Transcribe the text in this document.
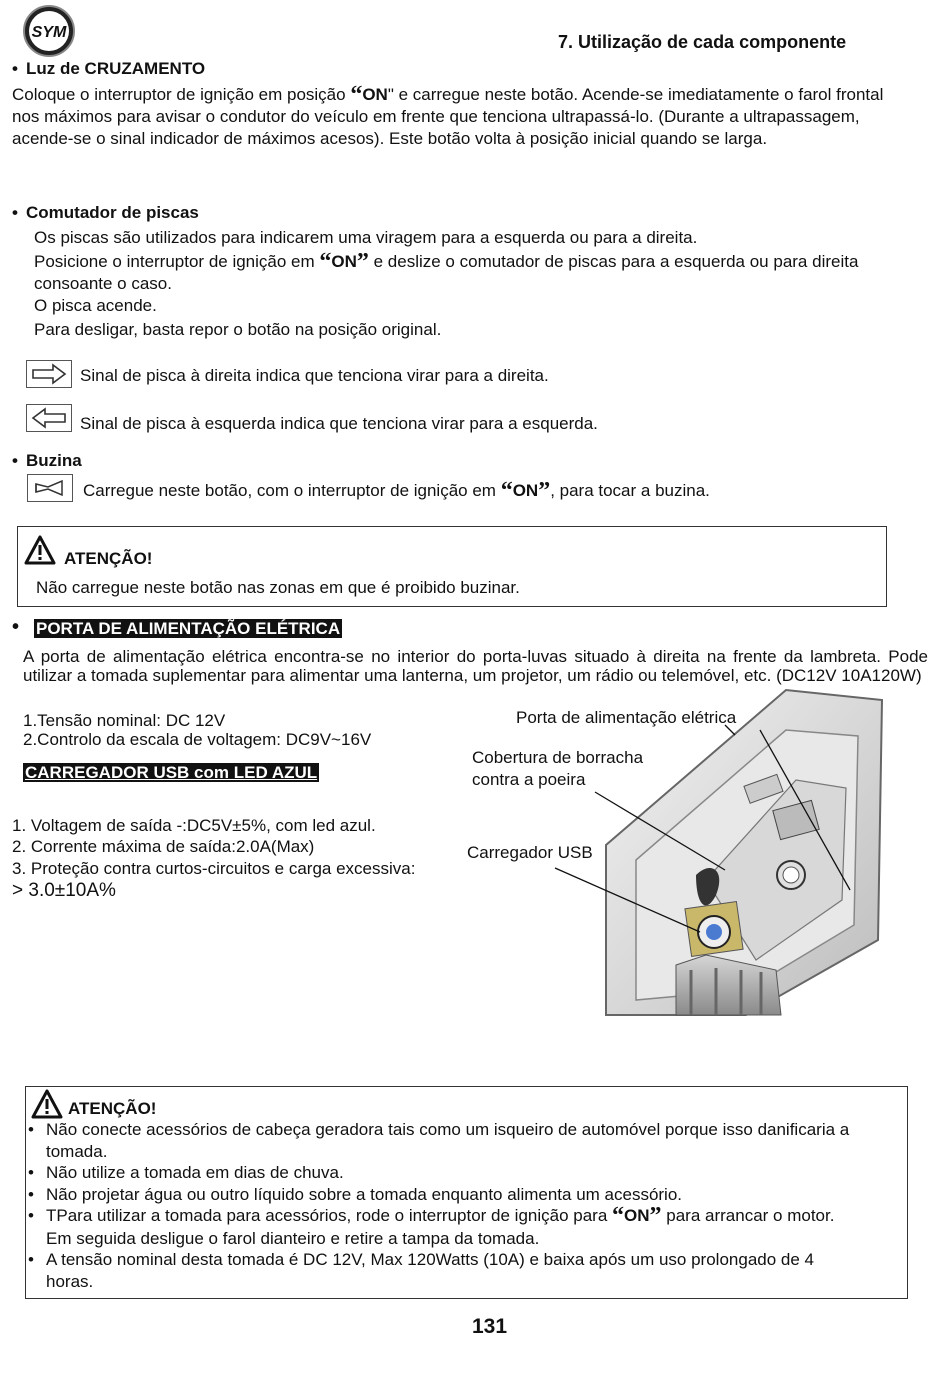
SYM	7. Utilização de cada componente
• Luz de CRUZAMENTO

Coloque o interruptor de ignição em posição “ON" e carregue neste botão. Acende-se imediatamente o farol frontal nos máximos para avisar o condutor do veículo em frente que tenciona ultrapassá-lo. (Durante a ultrapassagem, acende-se o sinal indicador de máximos acesos). Este botão volta à posição inicial quando se larga.

• Comutador de piscas

Os piscas são utilizados para indicarem uma viragem para a esquerda ou para a direita.

Posicione o interruptor de ignição em “ON” e deslize o comutador de piscas para a esquerda ou para direita consoante o caso.

O pisca acende.

Para desligar, basta repor o botão na posição original.

Sinal de pisca à direita indica que tenciona virar para a direita.
Sinal de pisca à esquerda indica que tenciona virar para a esquerda.
• Buzina

Carregue neste botão, com o interruptor de ignição em “ON”, para tocar a buzina.

ATENÇÃO!
Não carregue neste botão nas zonas em que é proibido buzinar.
• PORTA DE ALIMENTAÇÃO ELÉTRICA
A porta de alimentação elétrica encontra-se no interior do porta-luvas situado à direita na frente da lambreta. Pode utilizar a tomada suplementar para alimentar uma lanterna, um projetor, um rádio ou telemóvel, etc. (DC12V 10A120W)
1.Tensão nominal: DC 12V
2.Controlo da escala de voltagem: DC9V~16V
CARREGADOR USB com LED AZUL
1. Voltagem de saída -:DC5V±5%, com led azul.
2. Corrente máxima de saída:2.0A(Max)
3. Proteção contra curtos-circuitos e carga excessiva:
> 3.0±10A%
Porta de alimentação elétrica
Cobertura de borracha contra a poeira
Carregador USB
ATENÇÃO!
• Não conecte acessórios de cabeça geradora tais como um isqueiro de automóvel porque isso danificaria a tomada.
• Não utilize a tomada em dias de chuva.
• Não projetar água ou outro líquido sobre a tomada enquanto alimenta um acessório.
• TPara utilizar a tomada para acessórios, rode o interruptor de ignição para “ON” para arrancar o motor. Em seguida desligue o farol dianteiro e retire a tampa da tomada.
• A tensão nominal desta tomada é DC 12V, Max 120Watts (10A) e baixa após um uso prolongado de 4 horas.
131
